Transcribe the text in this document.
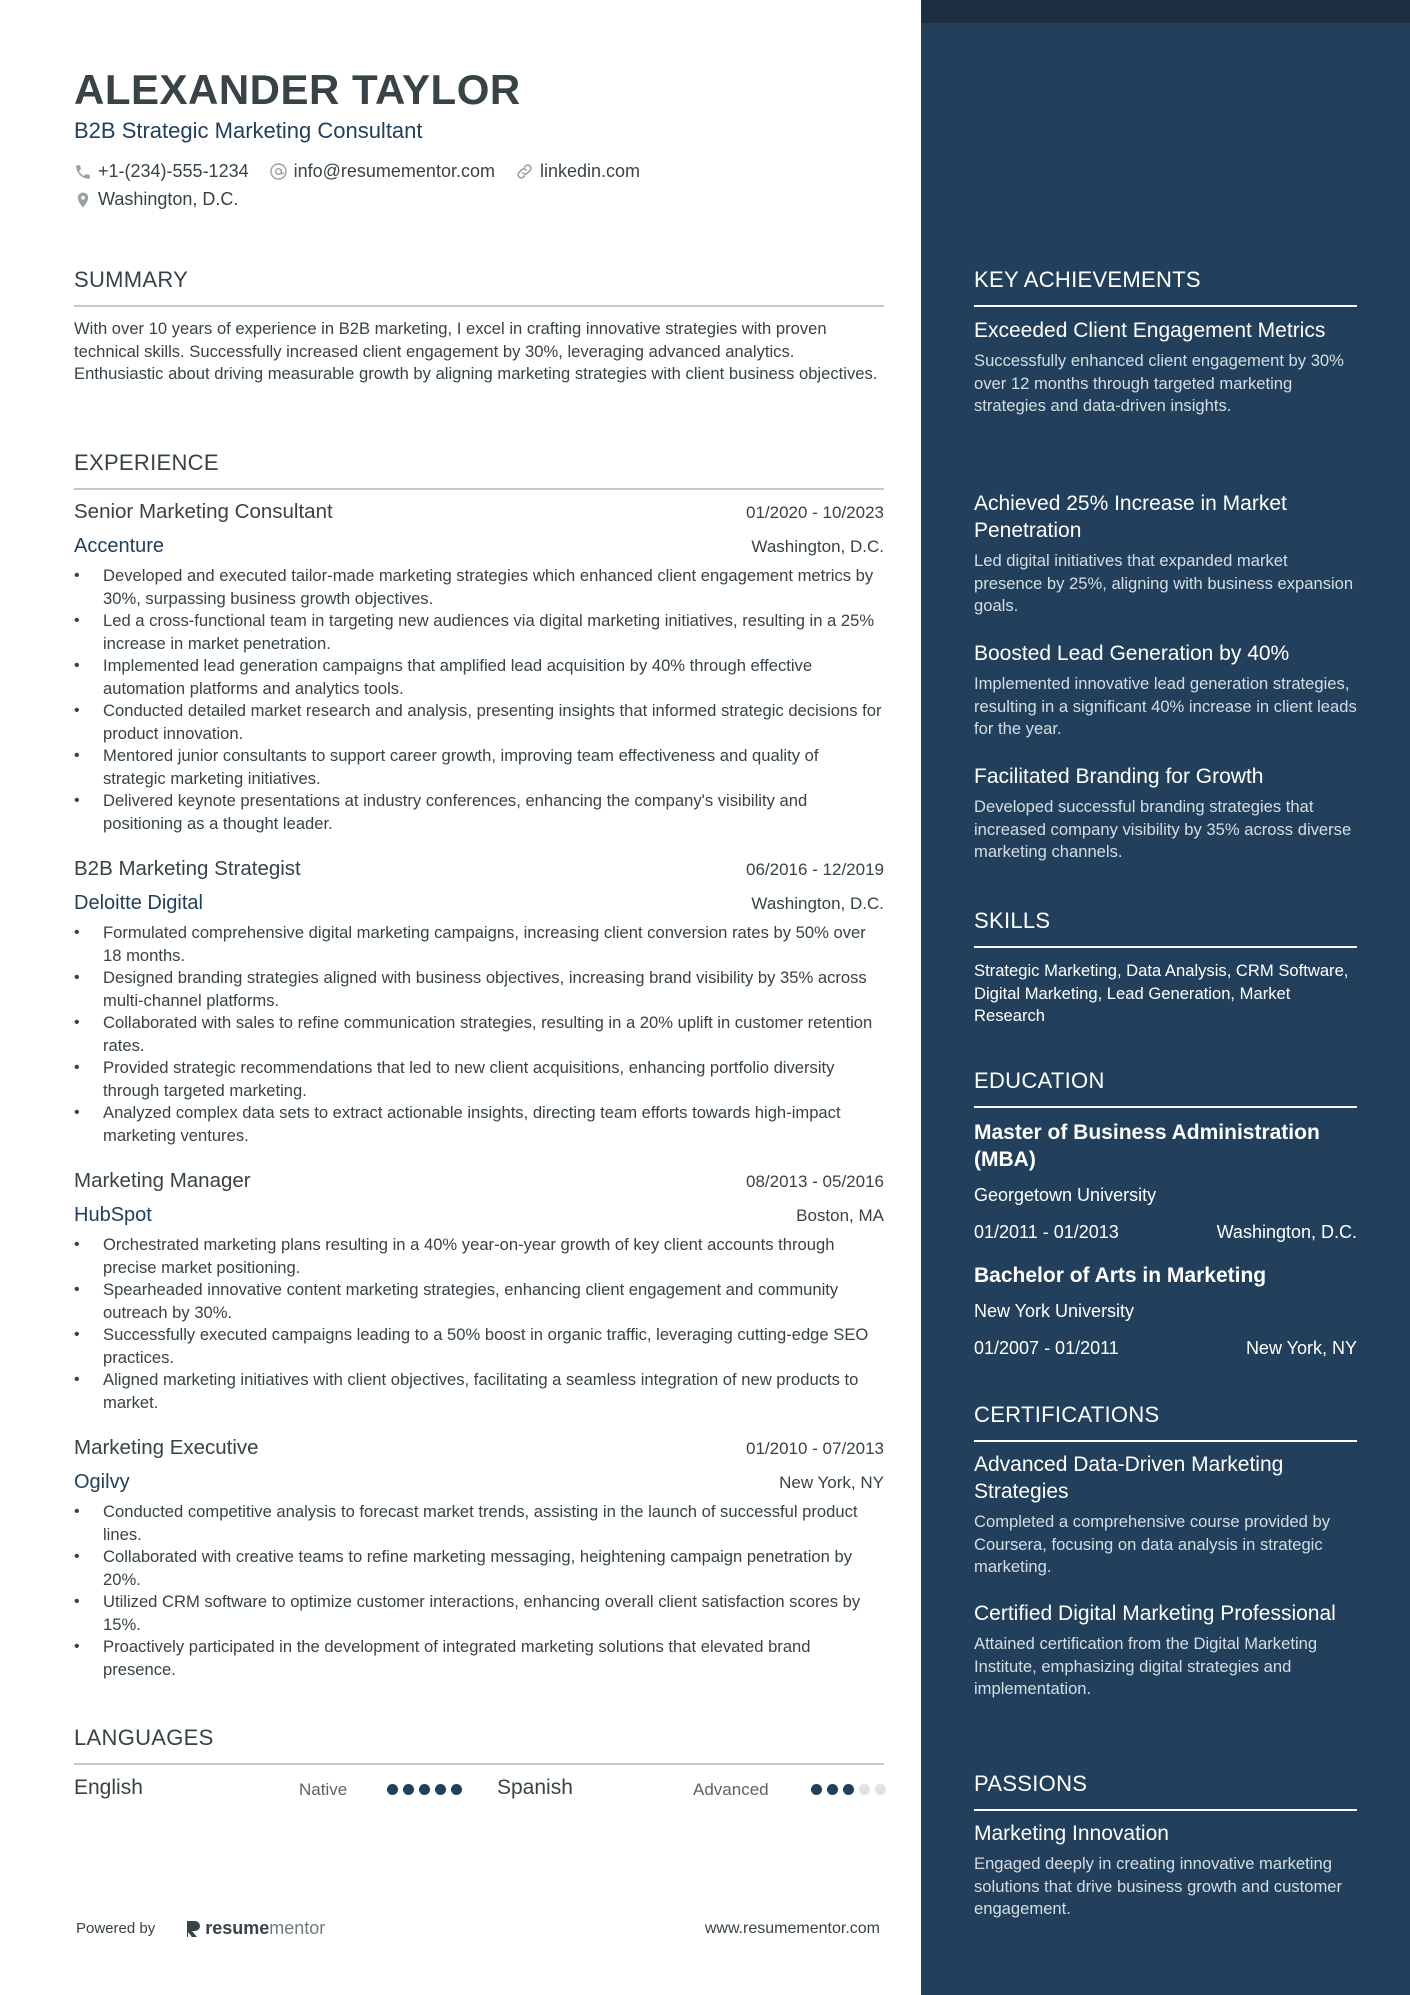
ALEXANDER TAYLOR
B2B Strategic Marketing Consultant
+1-(234)-555-1234	info@resumementor.com	linkedin.com
Washington, D.C.
SUMMARY
With over 10 years of experience in B2B marketing, I excel in crafting innovative strategies with proven technical skills. Successfully increased client engagement by 30%, leveraging advanced analytics. Enthusiastic about driving measurable growth by aligning marketing strategies with client business objectives.
EXPERIENCE
Senior Marketing Consultant	01/2020 - 10/2023
Accenture	Washington, D.C.
• Developed and executed tailor-made marketing strategies which enhanced client engagement metrics by 30%, surpassing business growth objectives.
• Led a cross-functional team in targeting new audiences via digital marketing initiatives, resulting in a 25% increase in market penetration.
• Implemented lead generation campaigns that amplified lead acquisition by 40% through effective automation platforms and analytics tools.
• Conducted detailed market research and analysis, presenting insights that informed strategic decisions for product innovation.
• Mentored junior consultants to support career growth, improving team effectiveness and quality of strategic marketing initiatives.
• Delivered keynote presentations at industry conferences, enhancing the company's visibility and positioning as a thought leader.
B2B Marketing Strategist	06/2016 - 12/2019
Deloitte Digital	Washington, D.C.
• Formulated comprehensive digital marketing campaigns, increasing client conversion rates by 50% over 18 months.
• Designed branding strategies aligned with business objectives, increasing brand visibility by 35% across multi-channel platforms.
• Collaborated with sales to refine communication strategies, resulting in a 20% uplift in customer retention rates.
• Provided strategic recommendations that led to new client acquisitions, enhancing portfolio diversity through targeted marketing.
• Analyzed complex data sets to extract actionable insights, directing team efforts towards high-impact marketing ventures.
Marketing Manager	08/2013 - 05/2016
HubSpot	Boston, MA
• Orchestrated marketing plans resulting in a 40% year-on-year growth of key client accounts through precise market positioning.
• Spearheaded innovative content marketing strategies, enhancing client engagement and community outreach by 30%.
• Successfully executed campaigns leading to a 50% boost in organic traffic, leveraging cutting-edge SEO practices.
• Aligned marketing initiatives with client objectives, facilitating a seamless integration of new products to market.
Marketing Executive	01/2010 - 07/2013
Ogilvy	New York, NY
• Conducted competitive analysis to forecast market trends, assisting in the launch of successful product lines.
• Collaborated with creative teams to refine marketing messaging, heightening campaign penetration by 20%.
• Utilized CRM software to optimize customer interactions, enhancing overall client satisfaction scores by 15%.
• Proactively participated in the development of integrated marketing solutions that elevated brand presence.
LANGUAGES
English	Native	Spanish	Advanced
Powered by	resume mentor	www.resumementor.com
KEY ACHIEVEMENTS
Exceeded Client Engagement Metrics
Successfully enhanced client engagement by 30% over 12 months through targeted marketing strategies and data-driven insights.
Achieved 25% Increase in Market Penetration
Led digital initiatives that expanded market presence by 25%, aligning with business expansion goals.
Boosted Lead Generation by 40%
Implemented innovative lead generation strategies, resulting in a significant 40% increase in client leads for the year.
Facilitated Branding for Growth
Developed successful branding strategies that increased company visibility by 35% across diverse marketing channels.
SKILLS
Strategic Marketing, Data Analysis, CRM Software, Digital Marketing, Lead Generation, Market Research
EDUCATION
Master of Business Administration (MBA)
Georgetown University
01/2011 - 01/2013	Washington, D.C.
Bachelor of Arts in Marketing
New York University
01/2007 - 01/2011	New York, NY
CERTIFICATIONS
Advanced Data-Driven Marketing Strategies
Completed a comprehensive course provided by Coursera, focusing on data analysis in strategic marketing.
Certified Digital Marketing Professional
Attained certification from the Digital Marketing Institute, emphasizing digital strategies and implementation.
PASSIONS
Marketing Innovation
Engaged deeply in creating innovative marketing solutions that drive business growth and customer engagement.
